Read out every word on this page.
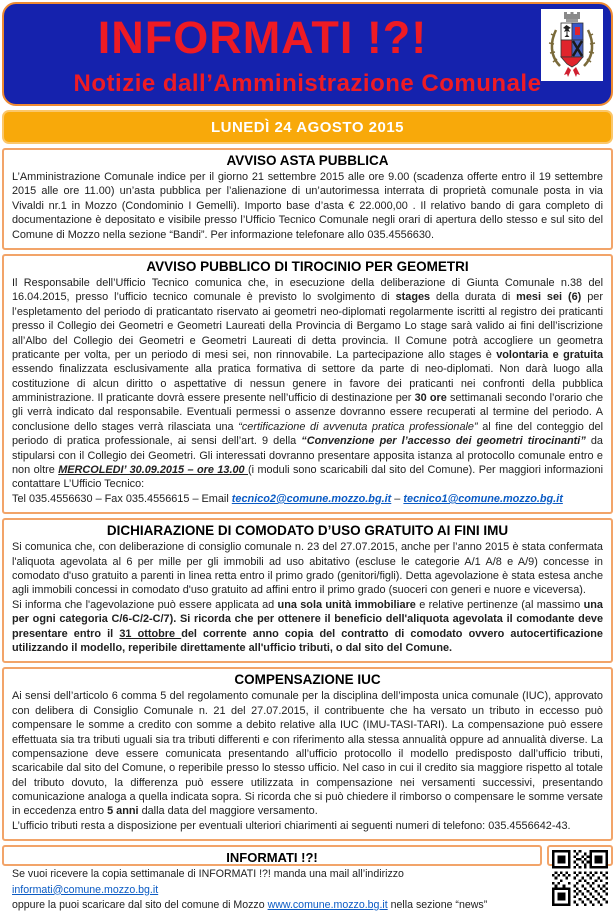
INFORMATI !?!
Notizie dall’Amministrazione Comunale
LUNEDÌ 24 AGOSTO 2015
AVVISO ASTA PUBBLICA

L’Amministrazione Comunale indice per il giorno 21 settembre 2015 alle ore 9.00 (scadenza offerte entro il 19 settembre 2015 alle ore 11.00) un’asta pubblica per l’alienazione di un’autorimessa interrata di proprietà comunale posta in via Vivaldi nr.1 in Mozzo (Condominio I Gemelli). Importo base d’asta € 22.000,00 . Il relativo bando di gara completo di documentazione è depositato e visibile presso l’Ufficio Tecnico Comunale negli orari di apertura dello stesso e sul sito del Comune di Mozzo nella sezione “Bandi”. Per informazione telefonare allo 035.4556630.

AVVISO PUBBLICO DI TIROCINIO PER GEOMETRI

Il Responsabile dell’Ufficio Tecnico comunica che, in esecuzione della deliberazione di Giunta Comunale n.38 del 16.04.2015, presso l’ufficio tecnico comunale è previsto lo svolgimento di stages della durata di mesi sei (6) per l’espletamento del periodo di praticantato riservato ai geometri neo-diplomati regolarmente iscritti al registro dei praticanti presso il Collegio dei Geometri e Geometri Laureati della Provincia di Bergamo Lo stage sarà valido ai fini dell’iscrizione all’Albo del Collegio dei Geometri e Geometri Laureati di detta provincia. Il Comune potrà accogliere un geometra praticante per volta, per un periodo di mesi sei, non rinnovabile. La partecipazione allo stages è volontaria e gratuita essendo finalizzata esclusivamente alla pratica formativa di settore da parte di neo-diplomati. Non darà luogo alla costituzione di alcun diritto o aspettative di nessun genere in favore dei praticanti nei confronti della pubblica amministrazione. Il praticante dovrà essere presente nell’ufficio di destinazione per 30 ore settimanali secondo l’orario che gli verrà indicato dal responsabile. Eventuali permessi o assenze dovranno essere recuperati al termine del periodo. A conclusione dello stages verrà rilasciata una “certificazione di avvenuta pratica professionale” al fine del conteggio del periodo di pratica professionale, ai sensi dell’art. 9 della “Convenzione per l’accesso dei geometri tirocinanti” da stipularsi con il Collegio dei Geometri. Gli interessati dovranno presentare apposita istanza al protocollo comunale entro e non oltre MERCOLEDI’ 30.09.2015 – ore 13.00 (i moduli sono scaricabili dal sito del Comune). Per maggiori informazioni contattare L’Ufficio Tecnico:

Tel 035.4556630 – Fax 035.4556615 – Email tecnico2@comune.mozzo.bg.it – tecnico1@comune.mozzo.bg.it

DICHIARAZIONE DI COMODATO D’USO GRATUITO AI FINI IMU

Si comunica che, con deliberazione di consiglio comunale n. 23 del 27.07.2015, anche per l’anno 2015 è stata confermata l'aliquota agevolata al 6 per mille per gli immobili ad uso abitativo (escluse le categorie A/1 A/8 e A/9) concesse in comodato d'uso gratuito a parenti in linea retta entro il primo grado (genitori/figli). Detta agevolazione è stata estesa anche agli immobili concessi in comodato d'uso gratuito ad affini entro il primo grado (suoceri con generi e nuore e viceversa).

Si informa che l'agevolazione può essere applicata ad una sola unità immobiliare e relative pertinenze (al massimo una per ogni categoria C/6-C/2-C/7). Si ricorda che per ottenere il beneficio dell'aliquota agevolata il comodante deve presentare entro il 31 ottobre del corrente anno copia del contratto di comodato ovvero autocertificazione utilizzando il modello, reperibile direttamente all'ufficio tributi, o dal sito del Comune.

COMPENSAZIONE IUC

Ai sensi dell’articolo 6 comma 5 del regolamento comunale per la disciplina dell’imposta unica comunale (IUC), approvato con delibera di Consiglio Comunale n. 21 del 27.07.2015, il contribuente che ha versato un tributo in eccesso può compensare le somme a credito con somme a debito relative alla IUC (IMU-TASI-TARI). La compensazione può essere effettuata sia tra tributi uguali sia tra tributi differenti e con riferimento alla stessa annualità oppure ad annualità diverse. La compensazione deve essere comunicata presentando all’ufficio protocollo il modello predisposto dall’ufficio tributi, scaricabile dal sito del Comune, o reperibile presso lo stesso ufficio. Nel caso in cui il credito sia maggiore rispetto al totale del tributo dovuto, la differenza può essere utilizzata in compensazione nei versamenti successivi, presentando comunicazione analoga a quella indicata sopra. Si ricorda che si può chiedere il rimborso o compensare le somme versate in eccedenza entro 5 anni dalla data del maggiore versamento.

L’ufficio tributi resta a disposizione per eventuali ulteriori chiarimenti ai seguenti numeri di telefono: 035.4556642-43.

INFORMATI !?!

Se vuoi ricevere la copia settimanale di INFORMATI !?! manda una mail all’indirizzo informati@comune.mozzo.bg.it

oppure la puoi scaricare dal sito del comune di Mozzo www.comune.mozzo.bg.it nella sezione “news”
